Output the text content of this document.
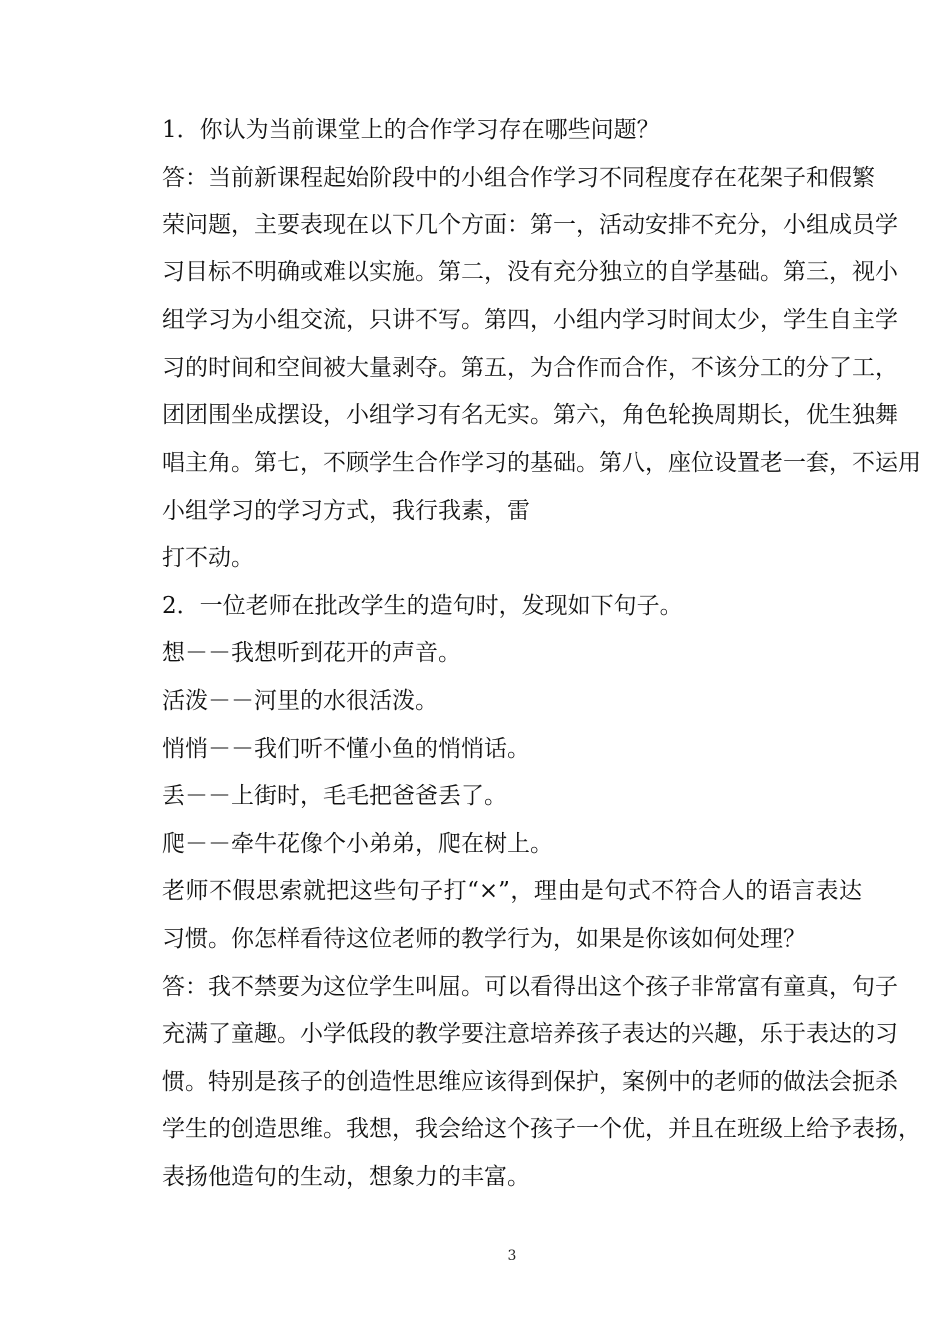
1．你认为当前课堂上的合作学习存在哪些问题？
答：当前新课程起始阶段中的小组合作学习不同程度存在花架子和假繁
荣问题，主要表现在以下几个方面：第一，活动安排不充分，小组成员学
习目标不明确或难以实施。第二，没有充分独立的自学基础。第三，视小
组学习为小组交流，只讲不写。第四，小组内学习时间太少，学生自主学
习的时间和空间被大量剥夺。第五，为合作而合作，不该分工的分了工，
团团围坐成摆设，小组学习有名无实。第六，角色轮换周期长，优生独舞
唱主角。第七，不顾学生合作学习的基础。第八，座位设置老一套，不运用
小组学习的学习方式，我行我素，雷
打不动。
2．一位老师在批改学生的造句时，发现如下句子。
想－－我想听到花开的声音。
活泼－－河里的水很活泼。
悄悄－－我们听不懂小鱼的悄悄话。
丢－－上街时，毛毛把爸爸丢了。
爬－－牵牛花像个小弟弟，爬在树上。
老师不假思索就把这些句子打“×”，理由是句式不符合人的语言表达
习惯。你怎样看待这位老师的教学行为，如果是你该如何处理？
答：我不禁要为这位学生叫屈。可以看得出这个孩子非常富有童真，句子
充满了童趣。小学低段的教学要注意培养孩子表达的兴趣，乐于表达的习
惯。特别是孩子的创造性思维应该得到保护，案例中的老师的做法会扼杀
学生的创造思维。我想，我会给这个孩子一个优，并且在班级上给予表扬，
表扬他造句的生动，想象力的丰富。
3
